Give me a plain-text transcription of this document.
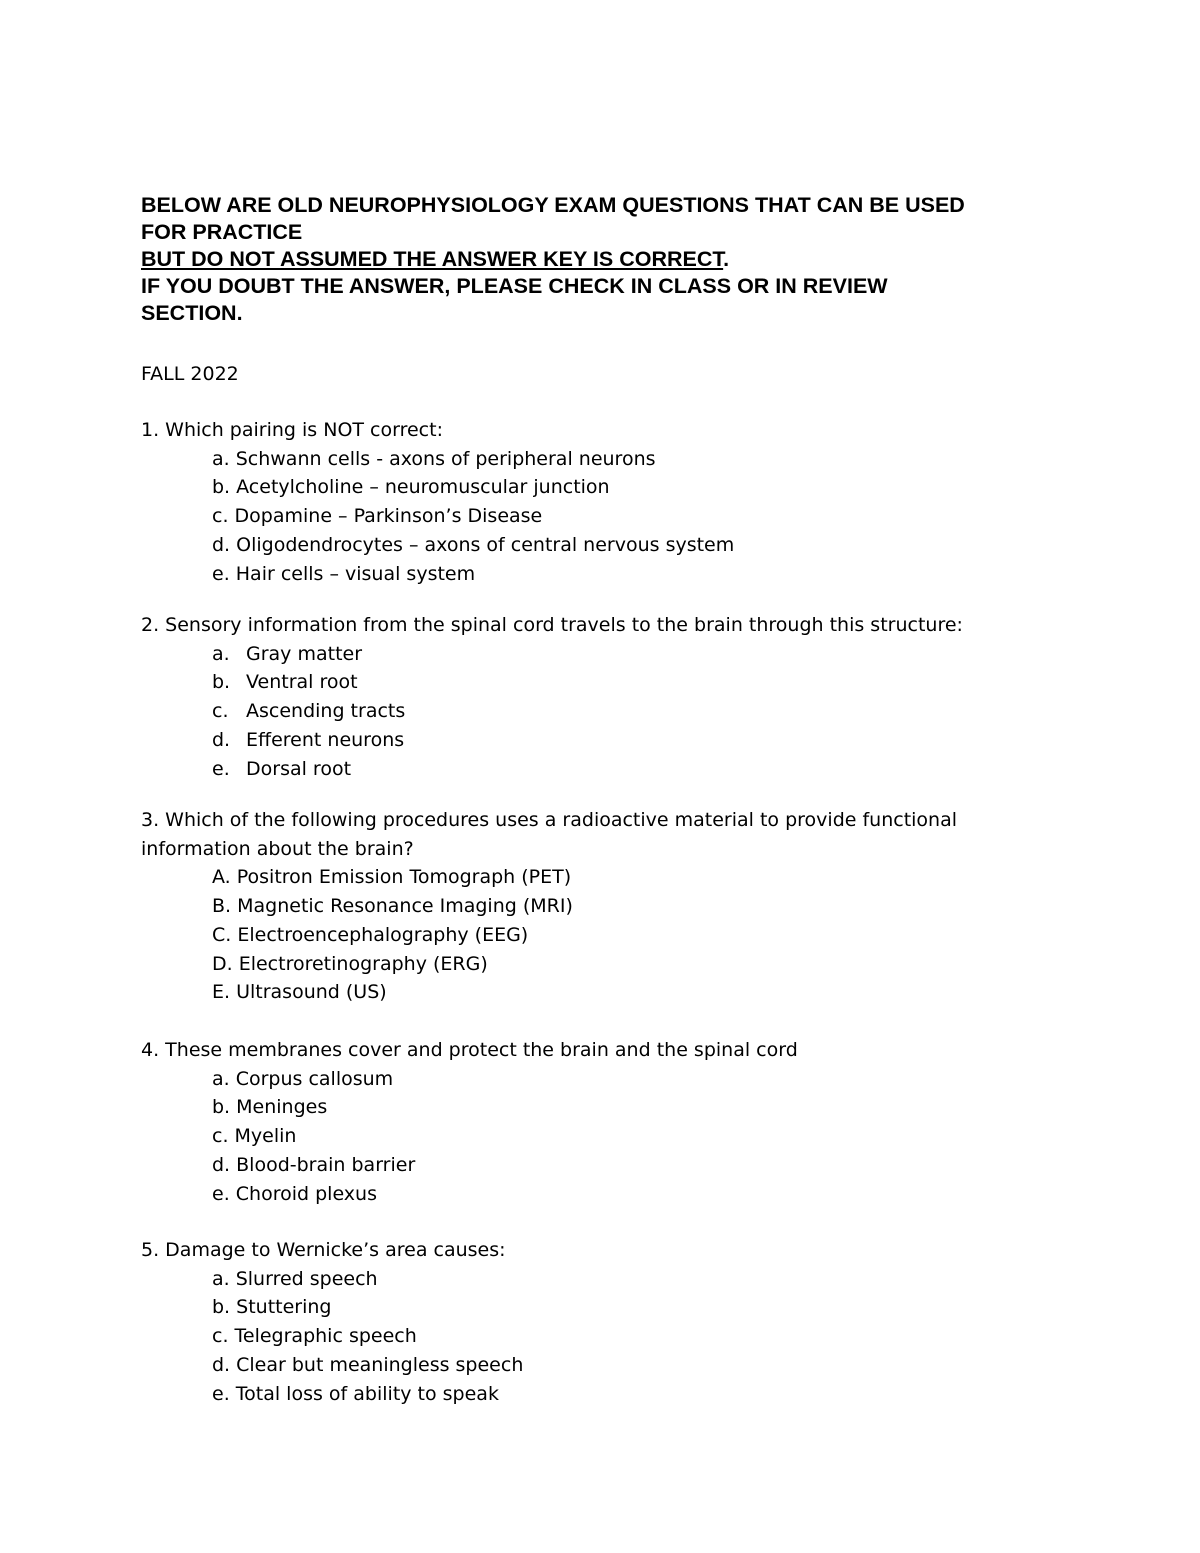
BELOW ARE OLD NEUROPHYSIOLOGY EXAM QUESTIONS THAT CAN BE USED
FOR PRACTICE
BUT DO NOT ASSUMED THE ANSWER KEY IS CORRECT.
IF YOU DOUBT THE ANSWER, PLEASE CHECK IN CLASS OR IN REVIEW
SECTION.
FALL 2022
1. Which pairing is NOT correct:
a. Schwann cells - axons of peripheral neurons
b. Acetylcholine – neuromuscular junction
c. Dopamine – Parkinson’s Disease
d. Oligodendrocytes – axons of central nervous system
e. Hair cells – visual system
2. Sensory information from the spinal cord travels to the brain through this structure:
a. Gray matter
b. Ventral root
c. Ascending tracts
d. Efferent neurons
e. Dorsal root
3. Which of the following procedures uses a radioactive material to provide functional
information about the brain?
A. Positron Emission Tomograph (PET)
B. Magnetic Resonance Imaging (MRI)
C. Electroencephalography (EEG)
D. Electroretinography (ERG)
E. Ultrasound (US)
4. These membranes cover and protect the brain and the spinal cord
a. Corpus callosum
b. Meninges
c. Myelin
d. Blood-brain barrier
e. Choroid plexus
5. Damage to Wernicke’s area causes:
a. Slurred speech
b. Stuttering
c. Telegraphic speech
d. Clear but meaningless speech
e. Total loss of ability to speak
